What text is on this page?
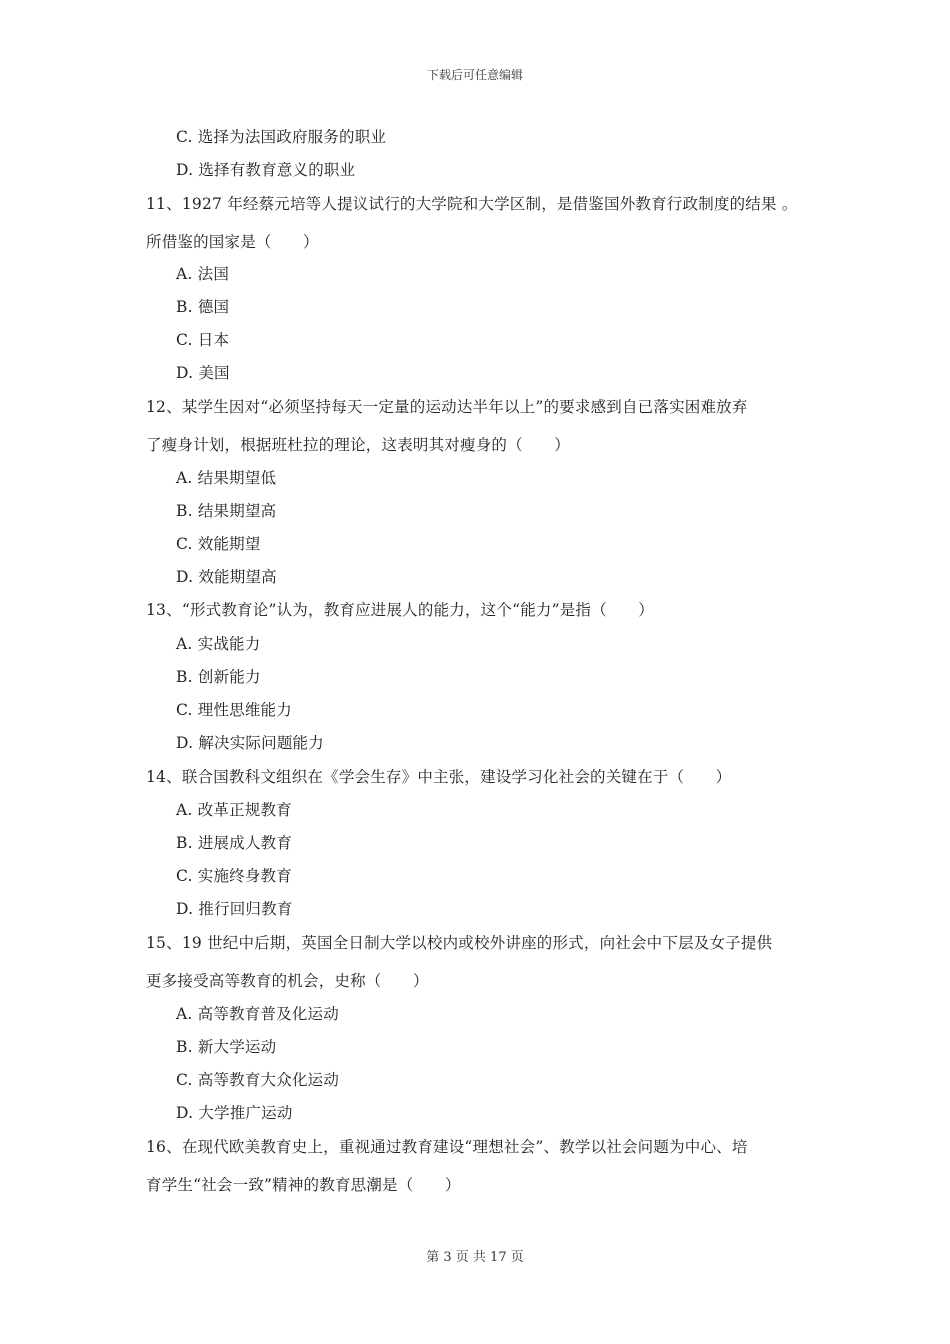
下载后可任意编辑
C. 选择为法国政府服务的职业
D. 选择有教育意义的职业
11、1927 年经蔡元培等人提议试行的大学院和大学区制，是借鉴国外教育行政制度的结果 。
所借鉴的国家是（　　）
A. 法国
B. 德国
C. 日本
D. 美国
12、某学生因对“必须坚持每天一定量的运动达半年以上”的要求感到自已落实困难放弃
了瘦身计划，根据班杜拉的理论，这表明其对瘦身的（　　）
A. 结果期望低
B. 结果期望高
C. 效能期望
D. 效能期望高
13、“形式教育论”认为，教育应进展人的能力，这个“能力”是指（　　）
A. 实战能力
B. 创新能力
C. 理性思维能力
D. 解决实际问题能力
14、联合国教科文组织在《学会生存》中主张，建设学习化社会的关键在于（　　）
A. 改革正规教育
B. 进展成人教育
C. 实施终身教育
D. 推行回归教育
15、19 世纪中后期，英国全日制大学以校内或校外讲座的形式，向社会中下层及女子提供
更多接受高等教育的机会，史称（　　）
A. 高等教育普及化运动
B. 新大学运动
C. 高等教育大众化运动
D. 大学推广运动
16、在现代欧美教育史上，重视通过教育建设“理想社会”、教学以社会问题为中心、培
育学生“社会一致”精神的教育思潮是（　　）
第 3 页 共 17 页
